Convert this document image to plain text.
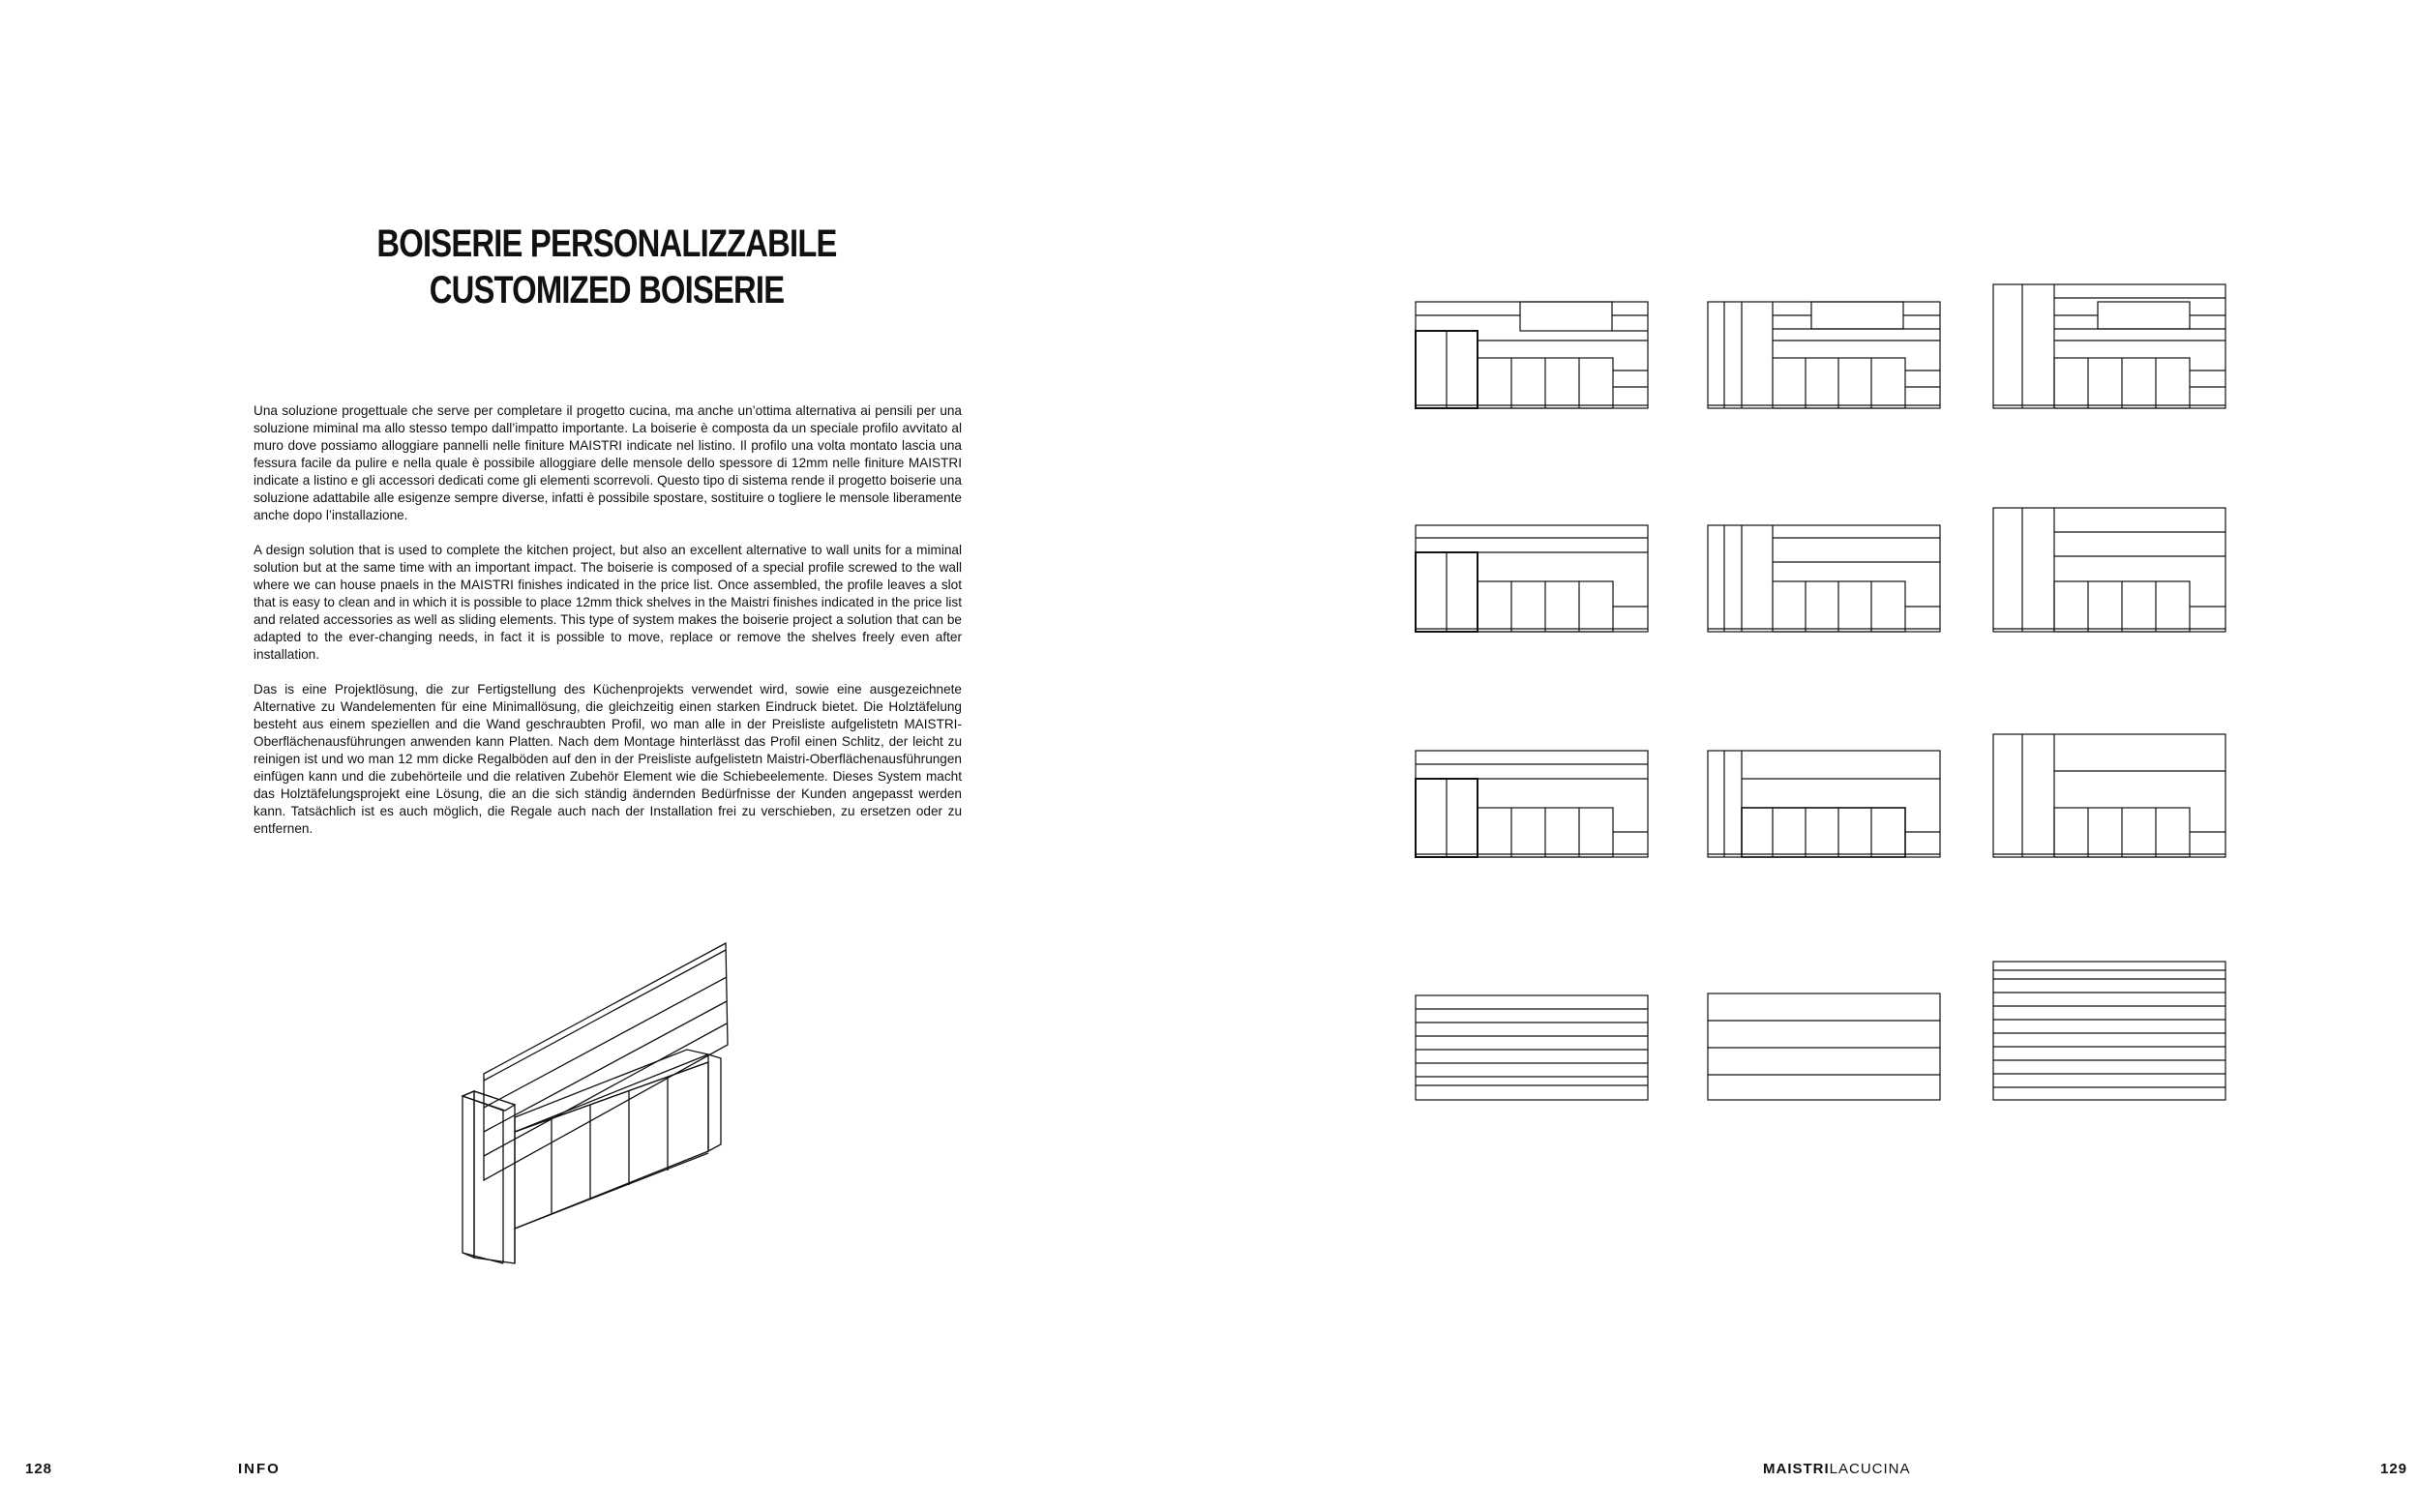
BOISERIE PERSONALIZZABILE
CUSTOMIZED BOISERIE

Una soluzione progettuale che serve per completare il progetto cucina, ma anche un’ottima alternativa ai pensili per una soluzione miminal ma allo stesso tempo dall’impatto importante. La boiserie è composta da un speciale profilo avvitato al muro dove possiamo alloggiare pannelli nelle finiture MAISTRI indicate nel listino. Il profilo una volta montato lascia una fessura facile da pulire e nella quale è possibile alloggiare delle mensole dello spessore di 12mm nelle finiture MAISTRI indicate a listino e gli accessori dedicati come gli elementi scorrevoli. Questo tipo di sistema rende il progetto boiserie una soluzione adattabile alle esigenze sempre diverse, infatti è possibile spostare, sostituire o togliere le mensole liberamente anche dopo l’installazione.

A design solution that is used to complete the kitchen project, but also an excellent alternative to wall units for a miminal solution but at the same time with an important impact. The boiserie is composed of a special profile screwed to the wall where we can house pnaels in the MAISTRI finishes indicated in the price list. Once assembled, the profile leaves a slot that is easy to clean and in which it is possible to place 12mm thick shelves in the Maistri finishes indicated in the price list and related accessories as well as sliding elements. This type of system makes the boiserie project a solution that can be adapted to the ever-changing needs, in fact it is possible to move, replace or remove the shelves freely even after installation.

Das is eine Projektlösung, die zur Fertigstellung des Küchenprojekts verwendet wird, sowie eine ausgezeichnete Alternative zu Wandelementen für eine Minimallösung, die gleichzeitig einen starken Eindruck bietet. Die Holztäfelung besteht aus einem speziellen and die Wand geschraubten Profil, wo man alle in der Preisliste aufgelistetn MAISTRI-Oberflächenausführungen anwenden kann Platten. Nach dem Montage hinterlässt das Profil einen Schlitz, der leicht zu reinigen ist und wo man 12 mm dicke Regalböden auf den in der Preisliste aufgelistetn Maistri-Oberflächenausführungen einfügen kann und die zubehörteile und die relativen Zubehör Element wie die Schiebeelemente. Dieses System macht das Holztäfelungsprojekt eine Lösung, die an die sich ständig ändernden Bedürfnisse der Kunden angepasst werden kann. Tatsächlich ist es auch möglich, die Regale auch nach der Installation frei zu verschieben, zu ersetzen oder zu entfernen.

128	INFO	MAISTRILACUCINA	129
